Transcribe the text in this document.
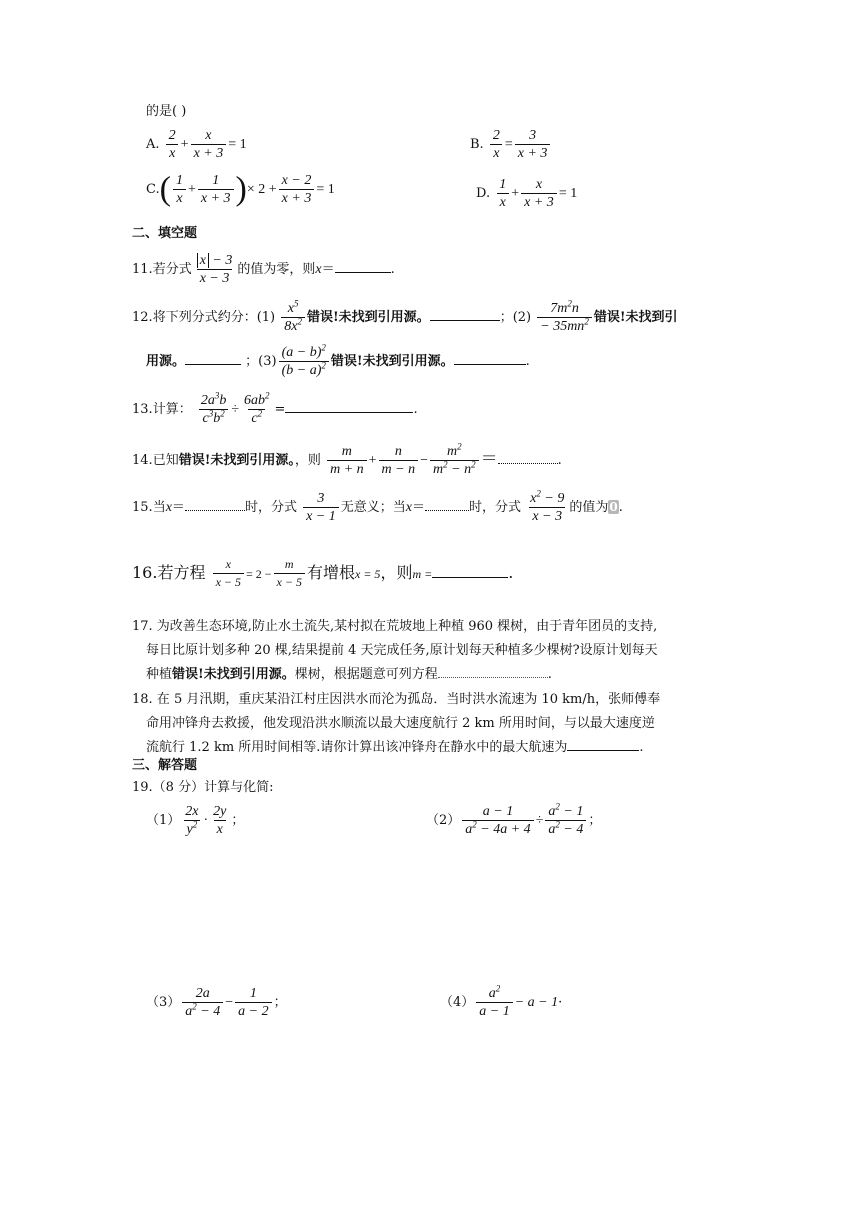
的是( )
A. $\frac{2}{x} + \frac{x}{x + 3} = 1$	B. $\frac{2}{x} = \frac{3}{x + 3}$
$C.( \frac{1}{x} + \frac{1}{x + 3}$ )× $2 + \frac{x - 2}{x + 3} = 1$	D. $\frac{1}{x} + \frac{x}{x + 3} = 1$
二、填空题
11.若分式 $\frac{x - 3}{x - 3}$ 的值为零，则x＝	.
12.将下列分式约分：$(1) \frac{x^5}{8x^2}$ 错误!未找到引用源。	；$(2) \frac{7m^2n}{- 35mn^2}$ 错误!未找到引
用源。	；$(3) \frac{(a - b)^2}{(b - a)^2}$ 错误!未找到引用源。	.
13.计算： $\frac{2a^3b}{c^3b^2} \div \frac{6ab^2}{c^2}$ =	.
14.已知错误!未找到引用源。，则 $\frac{m}{m + n} + \frac{n}{m - n} - \frac{m^2}{m^2 - n^2}$ ＝	.
15.当x＝	时，分式 $\frac{3}{x - 1}$ 无意义；当x＝	时，分式 $\frac{x^2 - 9}{x - 3}$ 的值为0.
16.若方程 $\frac{x}{x - 5} = 2 - \frac{m}{x - 5}$ 有增根x = 5，则m =	.
17. 为改善生态环境,防止水土流失,某村拟在荒坡地上种植 960 棵树，由于青年团员的支持,
每日比原计划多种 20 棵,结果提前 4 天完成任务,原计划每天种植多少棵树?设原计划每天
种植错误!未找到引用源。棵树，根据题意可列方程	.
18. 在 5 月汛期，重庆某沿江村庄因洪水而沦为孤岛．当时洪水流速为 10 km/h，张师傅奉
命用冲锋舟去救援，他发现沿洪水顺流以最大速度航行 2 km 所用时间，与以最大速度逆
流航行 1.2 km 所用时间相等.请你计算出该冲锋舟在静水中的最大航速为	.
三、解答题
19.（8 分）计算与化简:
$(1) \frac{2x}{y^2} \cdot \frac{2y}{x}$ ；	$(2) \frac{a - 1}{a^2 - 4a + 4} \div \frac{a^2 - 1}{a^2 - 4}$ ；
$(3) \frac{2a}{a^2 - 4} - \frac{1}{a - 2}$ ；	$(4) \frac{a^2}{a - 1} - a - 1\cdot$
